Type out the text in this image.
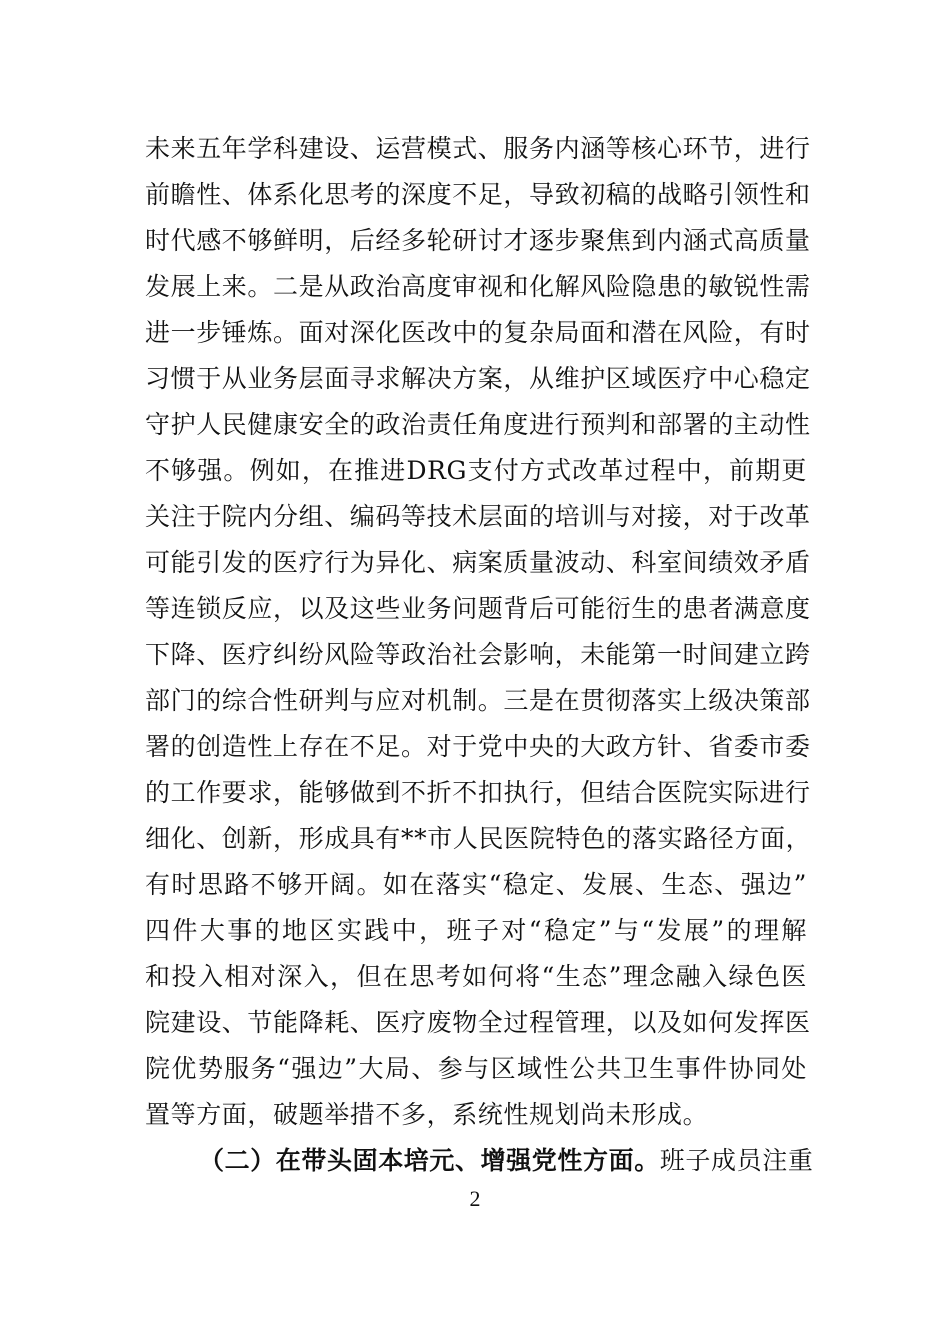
未来五年学科建设、运营模式、服务内涵等核心环节，进行
前瞻性、体系化思考的深度不足，导致初稿的战略引领性和
时代感不够鲜明，后经多轮研讨才逐步聚焦到内涵式高质量
发展上来。二是从政治高度审视和化解风险隐患的敏锐性需
进一步锤炼。面对深化医改中的复杂局面和潜在风险，有时
习惯于从业务层面寻求解决方案，从维护区域医疗中心稳定
守护人民健康安全的政治责任角度进行预判和部署的主动性
不够强。例如，在推进DRG支付方式改革过程中，前期更
关注于院内分组、编码等技术层面的培训与对接，对于改革
可能引发的医疗行为异化、病案质量波动、科室间绩效矛盾
等连锁反应，以及这些业务问题背后可能衍生的患者满意度
下降、医疗纠纷风险等政治社会影响，未能第一时间建立跨
部门的综合性研判与应对机制。三是在贯彻落实上级决策部
署的创造性上存在不足。对于党中央的大政方针、省委市委
的工作要求，能够做到不折不扣执行，但结合医院实际进行
细化、创新，形成具有**市人民医院特色的落实路径方面，
有时思路不够开阔。如在落实“稳定、发展、生态、强边”
四件大事的地区实践中，班子对“稳定”与“发展”的理解
和投入相对深入，但在思考如何将“生态”理念融入绿色医
院建设、节能降耗、医疗废物全过程管理，以及如何发挥医
院优势服务“强边”大局、参与区域性公共卫生事件协同处
置等方面，破题举措不多，系统性规划尚未形成。
（二）在带头固本培元、增强党性方面。班子成员注重
2
